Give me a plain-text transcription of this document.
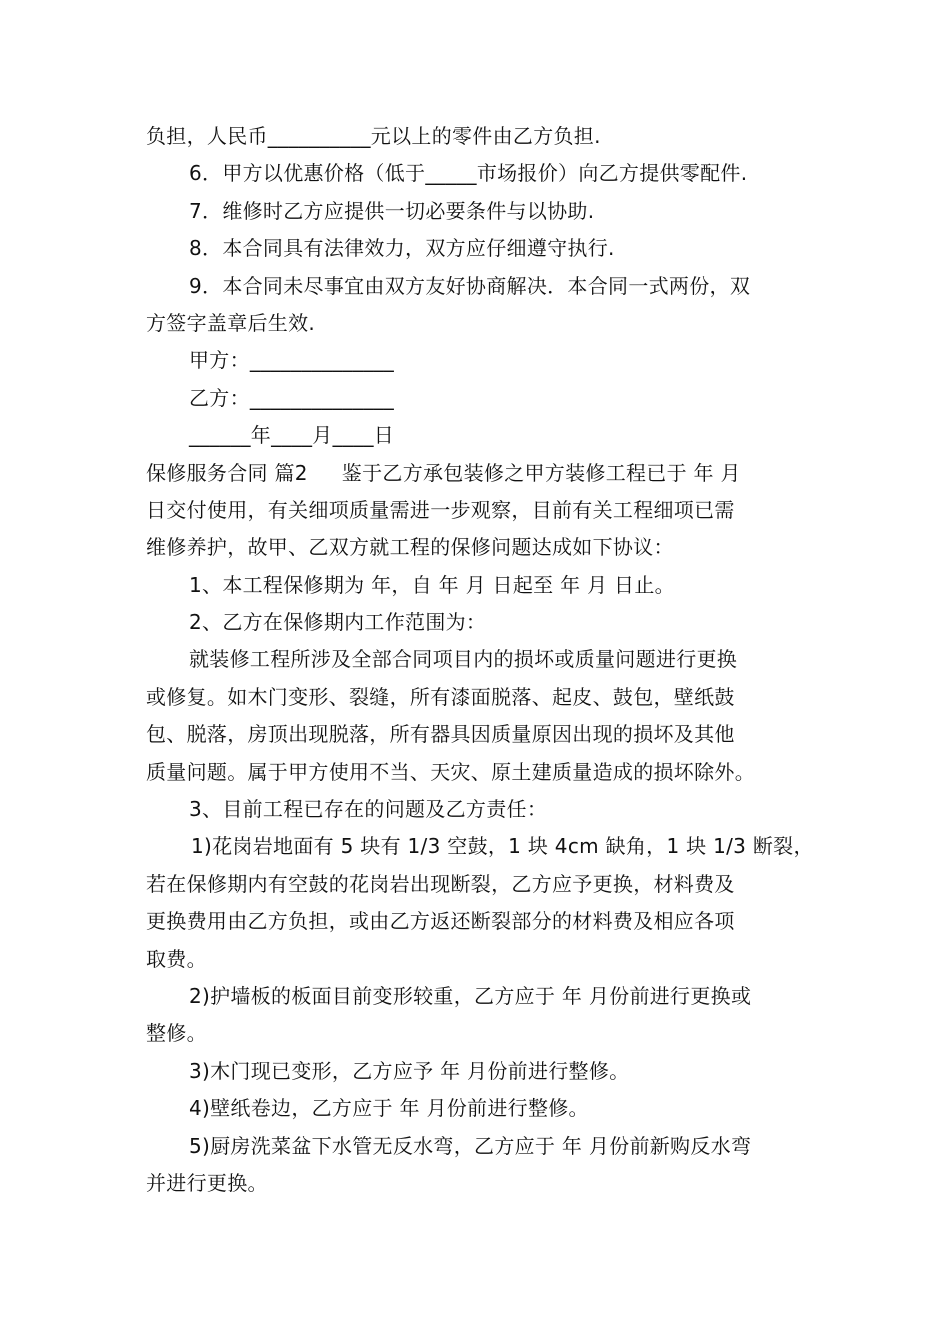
负担，人民币__________元以上的零件由乙方负担.
6．甲方以优惠价格（低于_____市场报价）向乙方提供零配件.
7．维修时乙方应提供一切必要条件与以协助.
8．本合同具有法律效力，双方应仔细遵守执行.
9．本合同未尽事宜由双方友好协商解决．本合同一式两份，双
方签字盖章后生效.
甲方：______________
乙方：______________
______年____月____日
保修服务合同 篇2 鉴于乙方承包装修之甲方装修工程已于 年 月
日交付使用，有关细项质量需进一步观察，目前有关工程细项已需
维修养护，故甲、乙双方就工程的保修问题达成如下协议：
1、本工程保修期为 年，自 年 月 日起至 年 月 日止。
2、乙方在保修期内工作范围为：
就装修工程所涉及全部合同项目内的损坏或质量问题进行更换
或修复。如木门变形、裂缝，所有漆面脱落、起皮、鼓包，壁纸鼓
包、脱落，房顶出现脱落，所有器具因质量原因出现的损坏及其他
质量问题。属于甲方使用不当、天灾、原土建质量造成的损坏除外。
3、目前工程已存在的问题及乙方责任：
1)花岗岩地面有 5 块有 1/3 空鼓，1 块 4cm 缺角，1 块 1/3 断裂，
若在保修期内有空鼓的花岗岩出现断裂，乙方应予更换，材料费及
更换费用由乙方负担，或由乙方返还断裂部分的材料费及相应各项
取费。
2)护墙板的板面目前变形较重，乙方应于 年 月份前进行更换或
整修。
3)木门现已变形，乙方应予 年 月份前进行整修。
4)壁纸卷边，乙方应于 年 月份前进行整修。
5)厨房洗菜盆下水管无反水弯，乙方应于 年 月份前新购反水弯
并进行更换。
